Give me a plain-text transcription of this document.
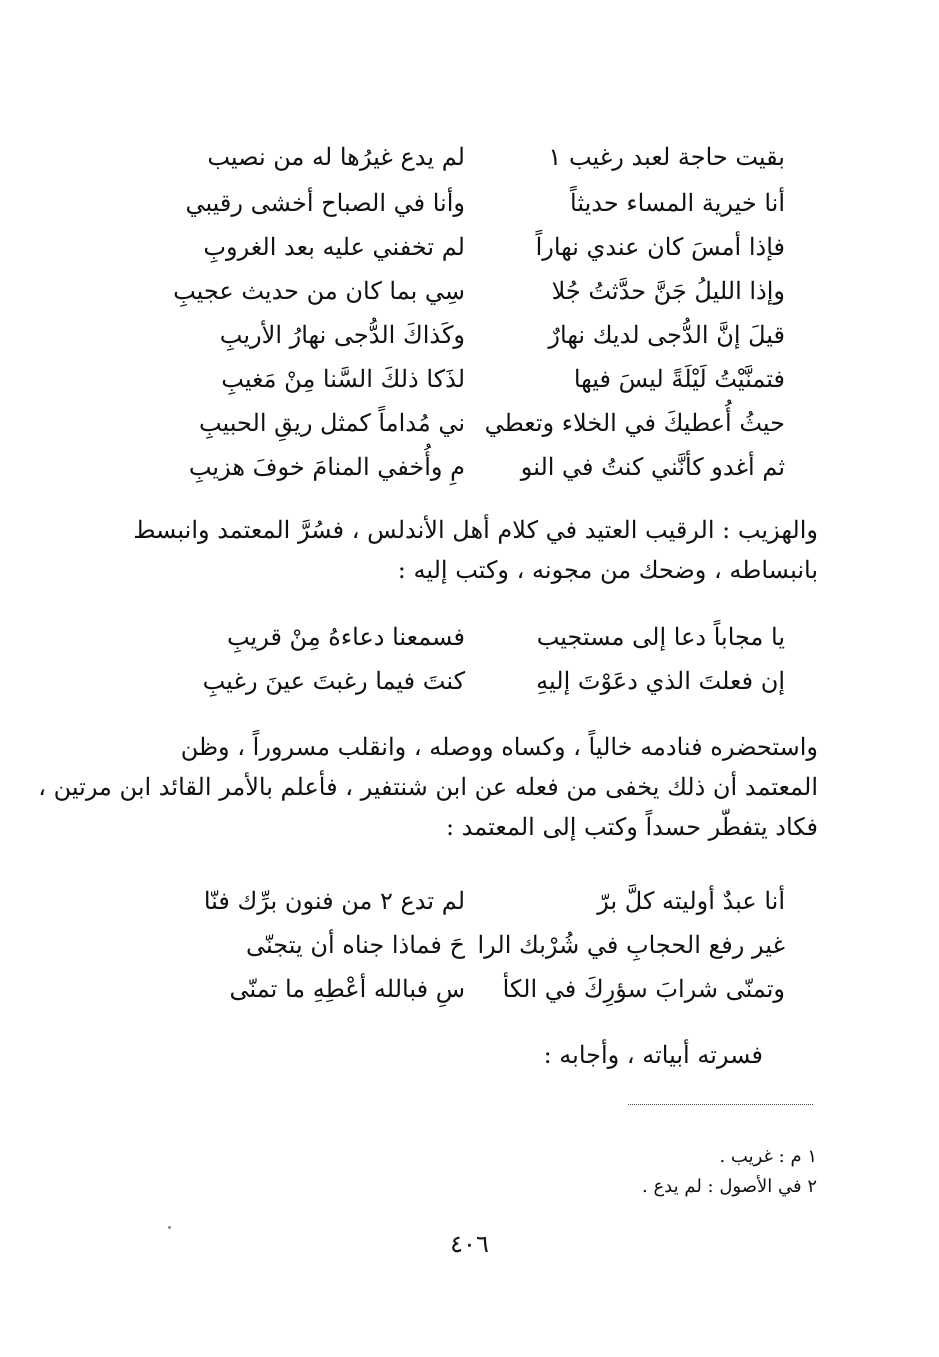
بقيت حاجة لعبد رغيب ١
لم يدع غيرُها له من نصيب
أنا خيرية المساء حديثاً
وأنا في الصباح أخشى رقيبي
فإذا أمسَ كان عندي نهاراً
لم تخفني عليه بعد الغروبِ
وإذا الليلُ جَنَّ حدَّثتُ جُلا
سِي بما كان من حديث عجيبِ
قيلَ إنَّ الدُّجى لديك نهارٌ
وكَذاكَ الدُّجى نهارُ الأريبِ
فتمنَّيْتُ لَيْلَةً ليسَ فيها
لذَكا ذلكَ السَّنا مِنْ مَغيبِ
حيثُ أُعطيكَ في الخلاء وتعطي
ني مُداماً كمثل ريقِ الحبيبِ
ثم أغدو كأنَّني كنتُ في النو
مِ وأُخفي المنامَ خوفَ هزيبِ
والهزيب : الرقيب العتيد في كلام أهل الأندلس ، فسُرَّ المعتمد وانبسط
بانبساطه ، وضحك من مجونه ، وكتب إليه :
يا مجاباً دعا إلى مستجيب
فسمعنا دعاءهُ مِنْ قريبِ
إن فعلتَ الذي دعَوْتَ إليهِ
كنتَ فيما رغبتَ عينَ رغيبِ
واستحضره فنادمه خالياً ، وكساه ووصله ، وانقلب مسروراً ، وظن
المعتمد أن ذلك يخفى من فعله عن ابن شنتفير ، فأعلم بالأمر القائد ابن مرتين ،
فكاد يتفطّر حسداً وكتب إلى المعتمد :
أنا عبدٌ أوليته كلَّ برّ
لم تدع ٢ من فنون برِّك فنّا
غير رفع الحجابِ في شُرْبك الرا
حَ فماذا جناه أن يتجنّى
وتمنّى شرابَ سؤرِكَ في الكأ
سِ فبالله أعْطِهِ ما تمنّى
فسرته أبياته ، وأجابه :
١ م : غريب .
٢ في الأصول : لم يدع .
٤٠٦
